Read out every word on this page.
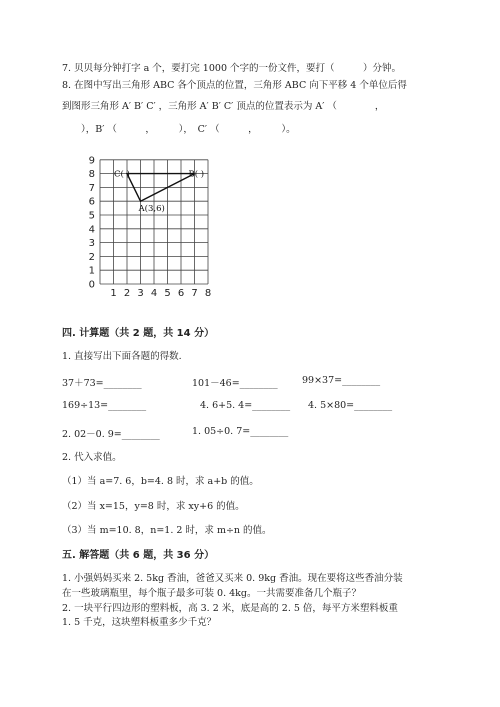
7. 贝贝每分钟打字 a 个，要打完 1000 个字的一份文件，要打（　　　）分钟。
8. 在图中写出三角形 ABC 各个顶点的位置，三角形 ABC 向下平移 4 个单位后得
到图形三角形 A′ B′ C′ ，三角形 A′ B′ C′ 顶点的位置表示为 A′ （　　　　，
　　），B′ （　　　，　　　），　C′ （　　　，　　　）。
9
8
7
6
5
4
3
2
1
0
1 2 3 4 5 6 7 8
C( )	B( )
A(3,6)
四. 计算题（共 2 题，共 14 分）
1. 直接写出下面各题的得数.
37＋73=________	101－46=________	99×37=________
169÷13=________	4. 6+5. 4=________ 4. 5×80=________
2. 02－0. 9=________	1. 05÷0. 7=________
2. 代入求值。
（1）当 a=7. 6，b=4. 8 时，求 a+b 的值。
（2）当 x=15，y=8 时，求 xy+6 的值。
（3）当 m=10. 8，n=1. 2 时，求 m÷n 的值。
五. 解答题（共 6 题，共 36 分）
1. 小强妈妈买来 2. 5kg 香油，爸爸又买来 0. 9kg 香油。现在要将这些香油分装
在一些玻璃瓶里，每个瓶子最多可装 0. 4kg。一共需要准备几个瓶子？
2. 一块平行四边形的塑料板，高 3. 2 米，底是高的 2. 5 倍，每平方米塑料板重
1. 5 千克，这块塑料板重多少千克？
